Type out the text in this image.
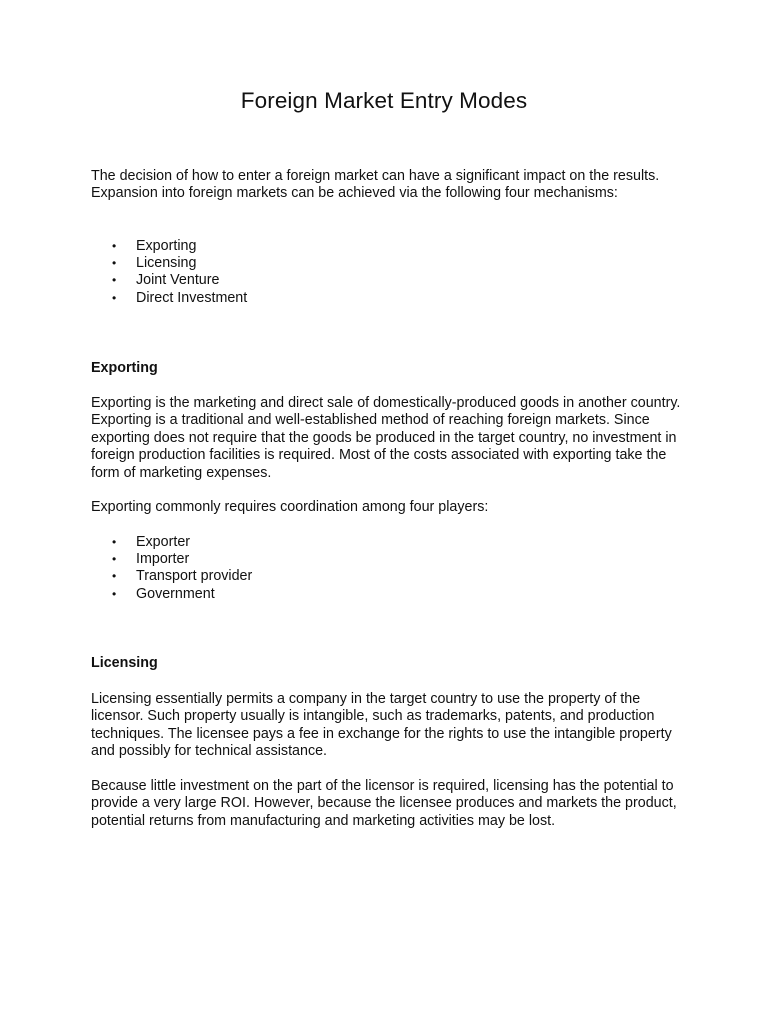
Foreign Market Entry Modes

The decision of how to enter a foreign market can have a significant impact on the results. Expansion into foreign markets can be achieved via the following four mechanisms:

• Exporting
• Licensing
• Joint Venture
• Direct Investment
Exporting

Exporting is the marketing and direct sale of domestically-produced goods in another country. Exporting is a traditional and well-established method of reaching foreign markets. Since exporting does not require that the goods be produced in the target country, no investment in foreign production facilities is required. Most of the costs associated with exporting take the form of marketing expenses.

Exporting commonly requires coordination among four players:

• Exporter
• Importer
• Transport provider
• Government
Licensing

Licensing essentially permits a company in the target country to use the property of the licensor. Such property usually is intangible, such as trademarks, patents, and production techniques. The licensee pays a fee in exchange for the rights to use the intangible property and possibly for technical assistance.

Because little investment on the part of the licensor is required, licensing has the potential to provide a very large ROI. However, because the licensee produces and markets the product, potential returns from manufacturing and marketing activities may be lost.
